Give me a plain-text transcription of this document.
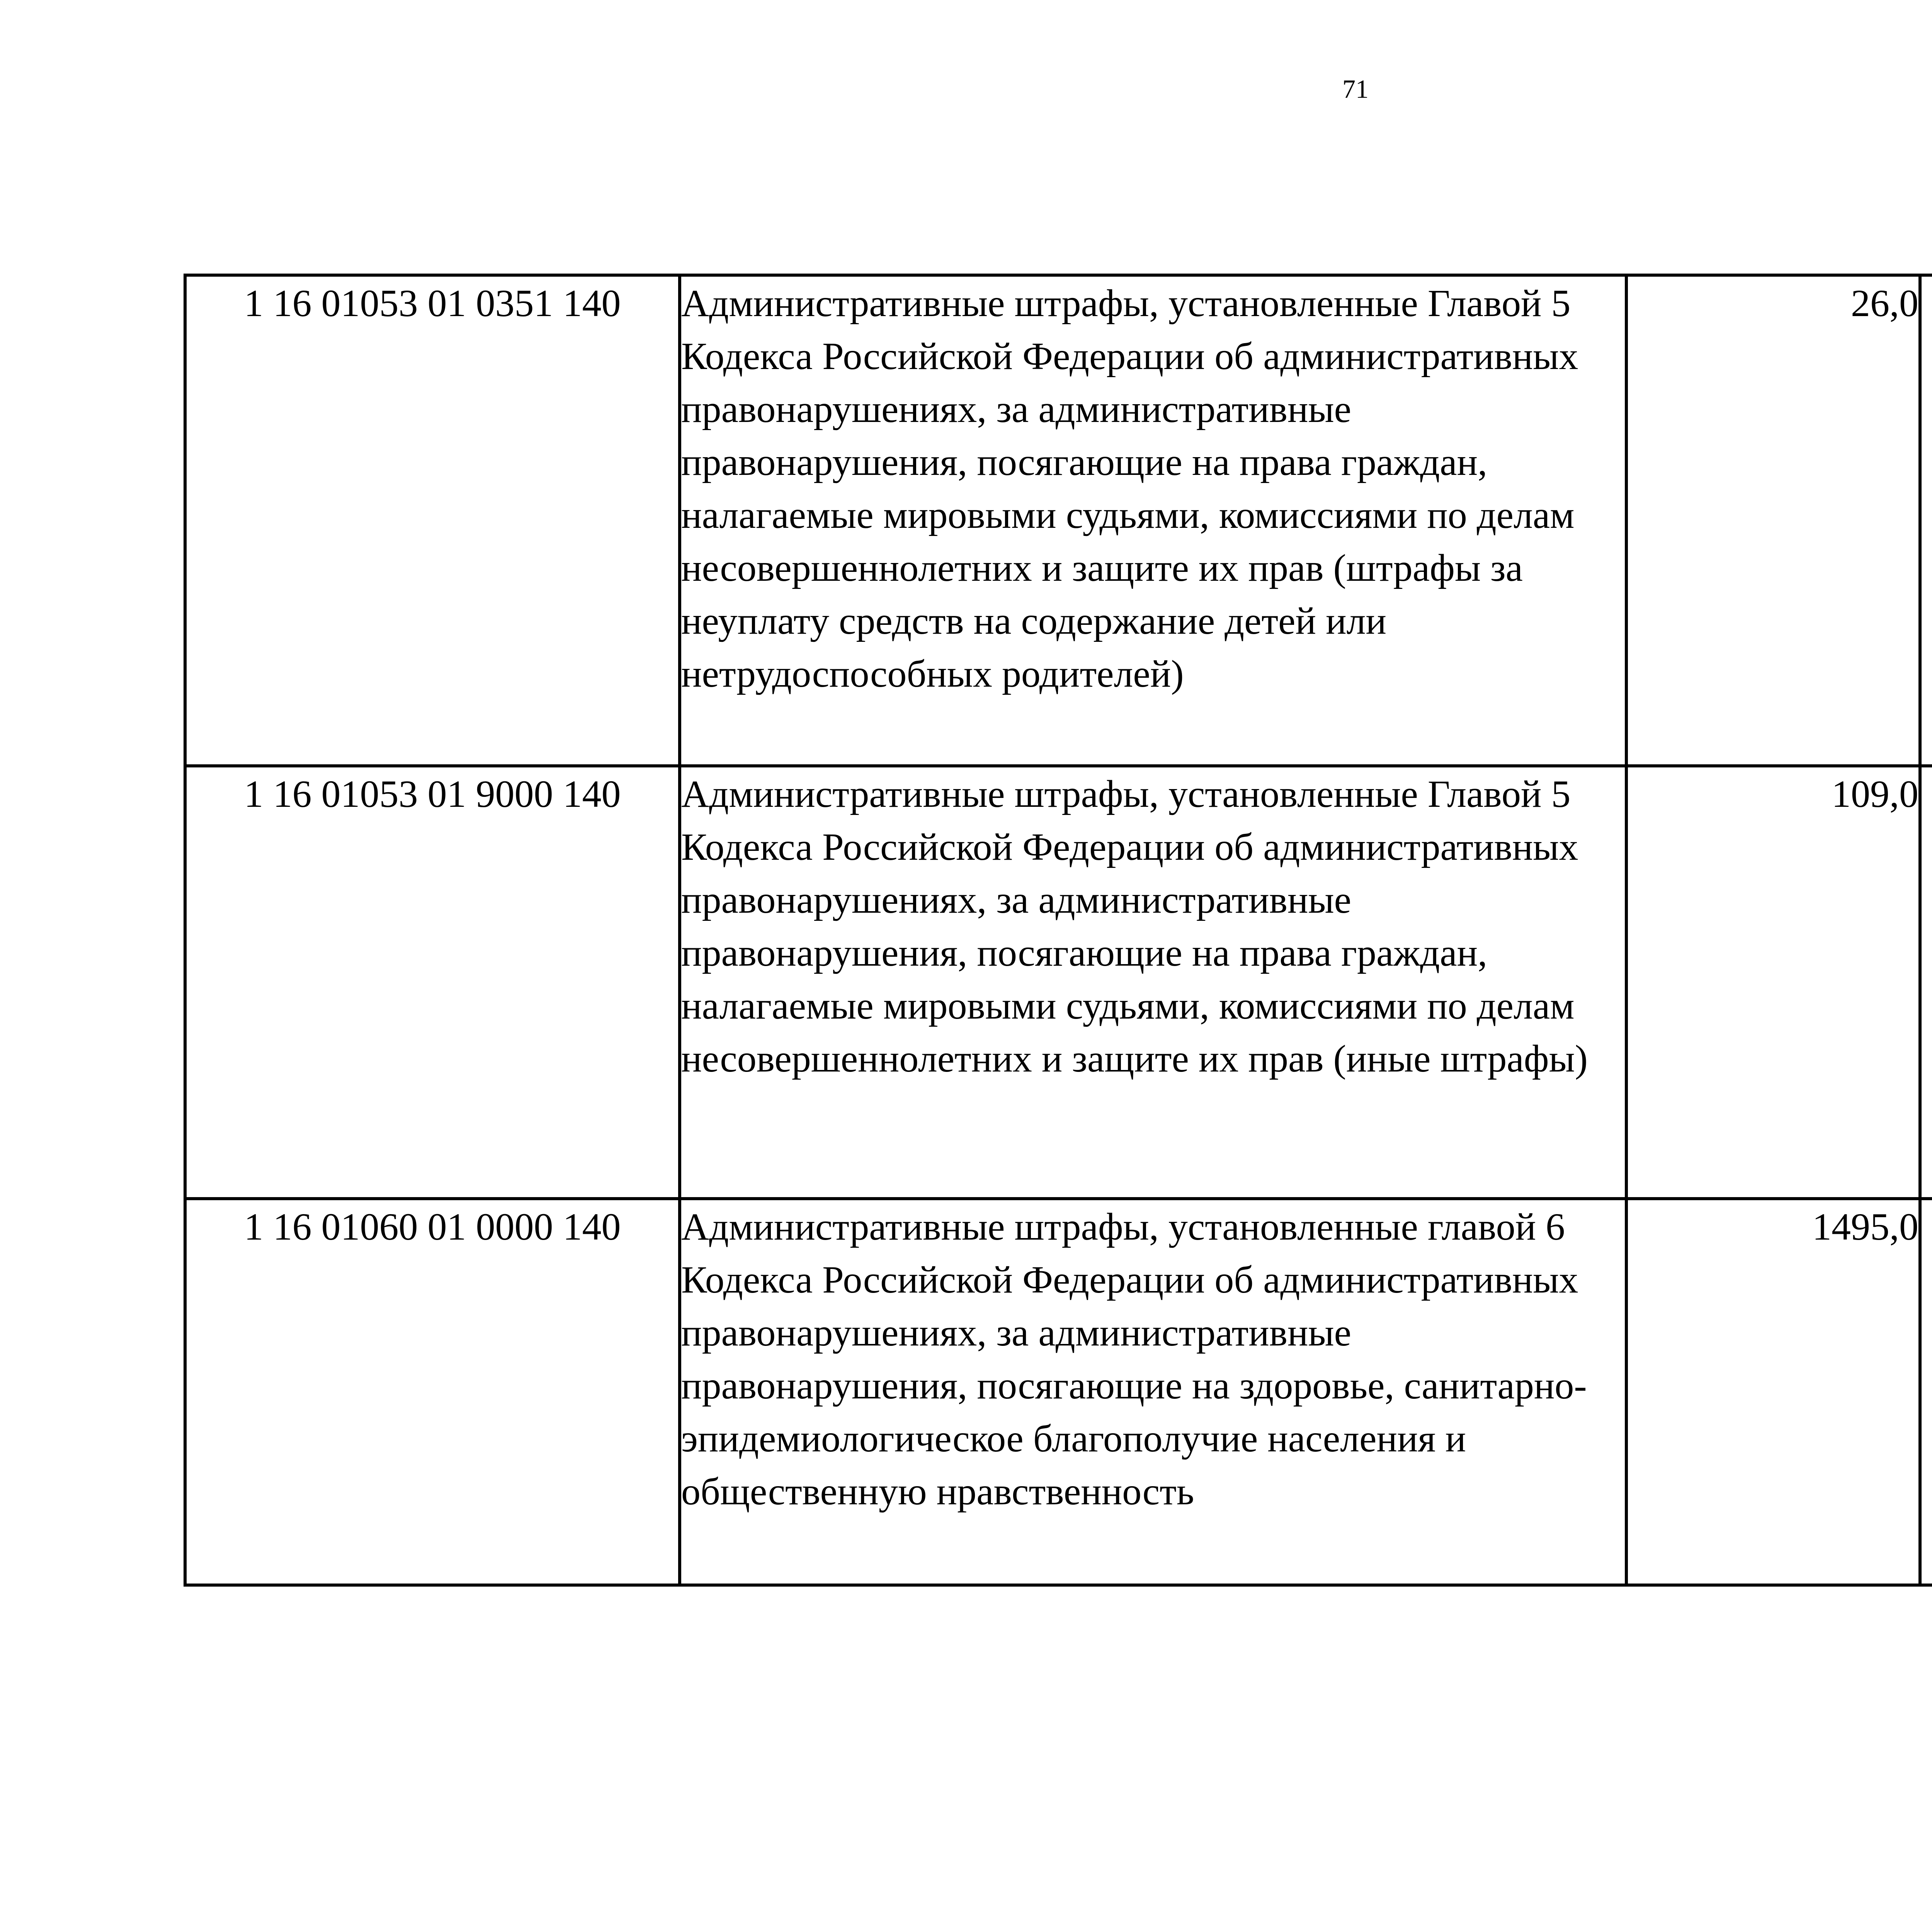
71
1 16 01053 01 0351 140	Административные штрафы, установленные Главой 5 Кодекса Российской Федерации об административных правонарушениях, за административные правонарушения, посягающие на права граждан, налагаемые мировыми судьями, комиссиями по делам несовершеннолетних и защите их прав (штрафы за неуплату средств на содержание детей или нетрудоспособных родителей)	26,0		
1 16 01053 01 9000 140	Административные штрафы, установленные Главой 5 Кодекса Российской Федерации об административных правонарушениях, за административные правонарушения, посягающие на права граждан, налагаемые мировыми судьями, комиссиями по делам несовершеннолетних и защите их прав (иные штрафы)	109,0		
1 16 01060 01 0000 140	Административные штрафы, установленные главой 6 Кодекса Российской Федерации об административных правонарушениях, за административные правонарушения, посягающие на здоровье, санитарно-эпидемиологическое благополучие населения и общественную нравственность	1495,0		
